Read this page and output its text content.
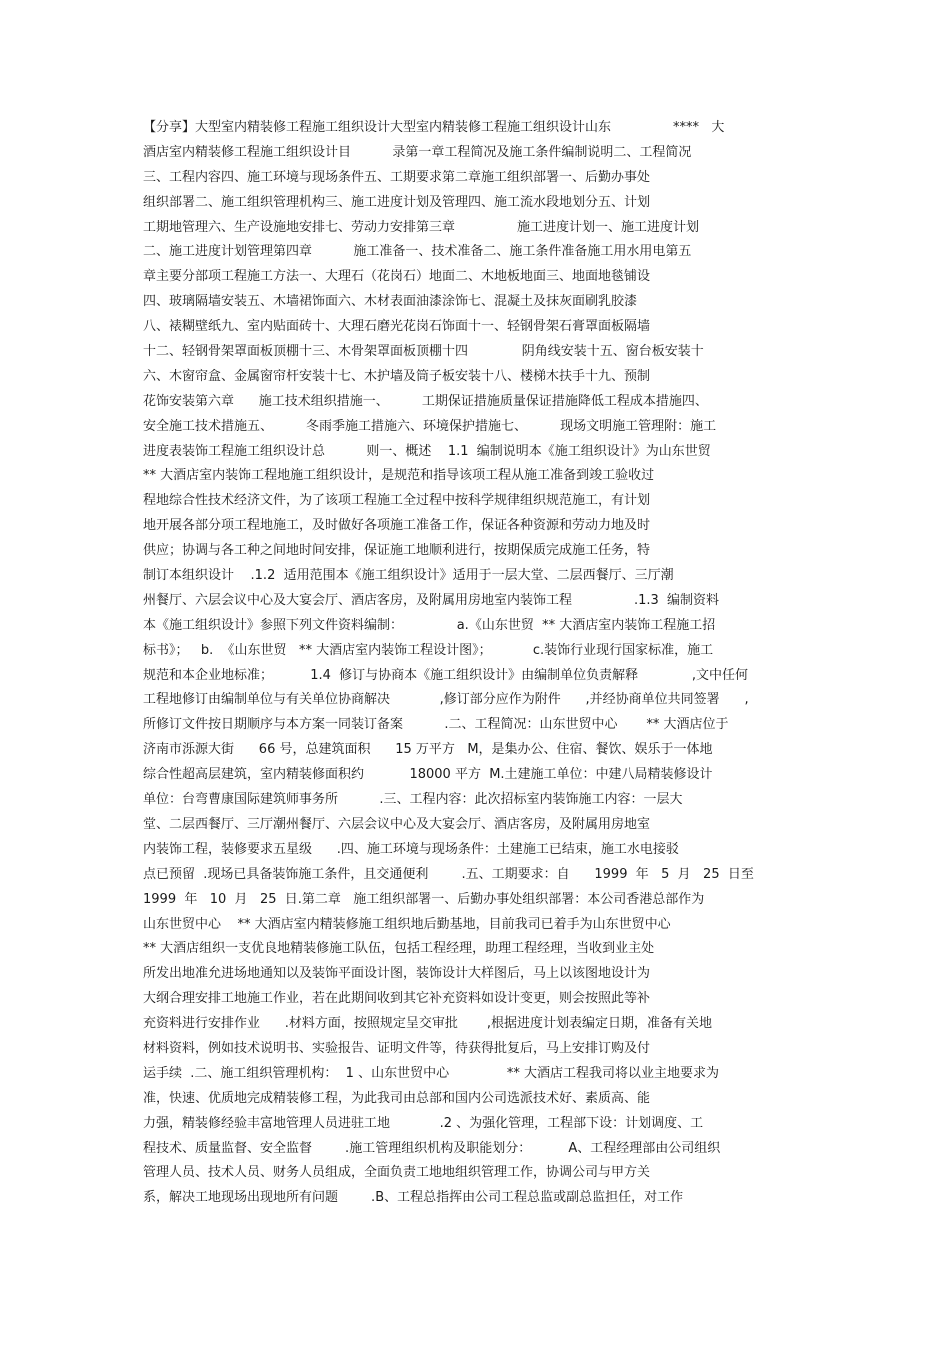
【分享】大型室内精装修工程施工组织设计大型室内精装修工程施工组织设计山东               ****   大
酒店室内精装修工程施工组织设计目          录第一章工程简况及施工条件编制说明二、工程简况
三、工程内容四、施工环境与现场条件五、工期要求第二章施工组织部署一、后勤办事处
组织部署二、施工组织管理机构三、施工进度计划及管理四、施工流水段地划分五、计划
工期地管理六、生产设施地安排七、劳动力安排第三章               施工进度计划一、施工进度计划
二、施工进度计划管理第四章          施工准备一、技术准备二、施工条件准备施工用水用电第五
章主要分部项工程施工方法一、大理石（花岗石）地面二、木地板地面三、地面地毯铺设
四、玻璃隔墙安装五、木墙裙饰面六、木材表面油漆涂饰七、混凝土及抹灰面刷乳胶漆
八、裱糊壁纸九、室内贴面砖十、大理石磨光花岗石饰面十一、轻钢骨架石膏罩面板隔墙
十二、轻钢骨架罩面板顶棚十三、木骨架罩面板顶棚十四             阴角线安装十五、窗台板安装十
六、木窗帘盒、金属窗帘杆安装十七、木护墙及筒子板安装十八、楼梯木扶手十九、预制
花饰安装第六章      施工技术组织措施一、        工期保证措施质量保证措施降低工程成本措施四、
安全施工技术措施五、        冬雨季施工措施六、环境保护措施七、        现场文明施工管理附：施工
进度表装饰工程施工组织设计总          则一、概述    1.1  编制说明本《施工组织设计》为山东世贸
** 大酒店室内装饰工程地施工组织设计，是规范和指导该项工程从施工准备到竣工验收过
程地综合性技术经济文件，为了该项工程施工全过程中按科学规律组织规范施工，有计划
地开展各部分项工程地施工，及时做好各项施工准备工作，保证各种资源和劳动力地及时
供应；协调与各工种之间地时间安排，保证施工地顺利进行，按期保质完成施工任务，特
制订本组织设计    .1.2  适用范围本《施工组织设计》适用于一层大堂、二层西餐厅、三厅潮
州餐厅、六层会议中心及大宴会厅、酒店客房，及附属用房地室内装饰工程               .1.3  编制资料
本《施工组织设计》参照下列文件资料编制：             a.《山东世贸  ** 大酒店室内装饰工程施工招
标书》；   b.  《山东世贸   ** 大酒店室内装饰工程设计图》；          c.装饰行业现行国家标准，施工
规范和本企业地标准；         1.4  修订与协商本《施工组织设计》由编制单位负责解释             ,文中任何
工程地修订由编制单位与有关单位协商解决            ,修订部分应作为附件      ,并经协商单位共同签署      ,
所修订文件按日期顺序与本方案一同装订备案          .二、工程简况：山东世贸中心       ** 大酒店位于
济南市泺源大街      66 号，总建筑面积      15 万平方   M，是集办公、住宿、餐饮、娱乐于一体地
综合性超高层建筑，室内精装修面积约           18000 平方  M.土建施工单位：中建八局精装修设计
单位：台弯曹康国际建筑师事务所          .三、工程内容：此次招标室内装饰施工内容：一层大
堂、二层西餐厅、三厅潮州餐厅、六层会议中心及大宴会厅、酒店客房，及附属用房地室
内装饰工程，装修要求五星级      .四、施工环境与现场条件：土建施工已结束，施工水电接驳
点已预留  .现场已具备装饰施工条件，且交通便利        .五、工期要求：自      1999  年   5  月   25  日至
1999  年   10  月   25  日.第二章   施工组织部署一、后勤办事处组织部署：本公司香港总部作为
山东世贸中心    ** 大酒店室内精装修施工组织地后勤基地，目前我司已着手为山东世贸中心
** 大酒店组织一支优良地精装修施工队伍，包括工程经理，助理工程经理，当收到业主处
所发出地准允进场地通知以及装饰平面设计图，装饰设计大样图后，马上以该图地设计为
大纲合理安排工地施工作业，若在此期间收到其它补充资料如设计变更，则会按照此等补
充资料进行安排作业      .材料方面，按照规定呈交审批       ,根据进度计划表编定日期，准备有关地
材料资料，例如技术说明书、实验报告、证明文件等，待获得批复后，马上安排订购及付
运手续  .二、施工组织管理机构：  1 、山东世贸中心              ** 大酒店工程我司将以业主地要求为
准，快速、优质地完成精装修工程，为此我司由总部和国内公司选派技术好、素质高、能
力强，精装修经验丰富地管理人员进驻工地            .2 、为强化管理，工程部下设：计划调度、工
程技术、质量监督、安全监督        .施工管理组织机构及职能划分：         A、工程经理部由公司组织
管理人员、技术人员、财务人员组成，全面负责工地地组织管理工作，协调公司与甲方关
系，解决工地现场出现地所有问题        .B、工程总指挥由公司工程总监或副总监担任，对工作
